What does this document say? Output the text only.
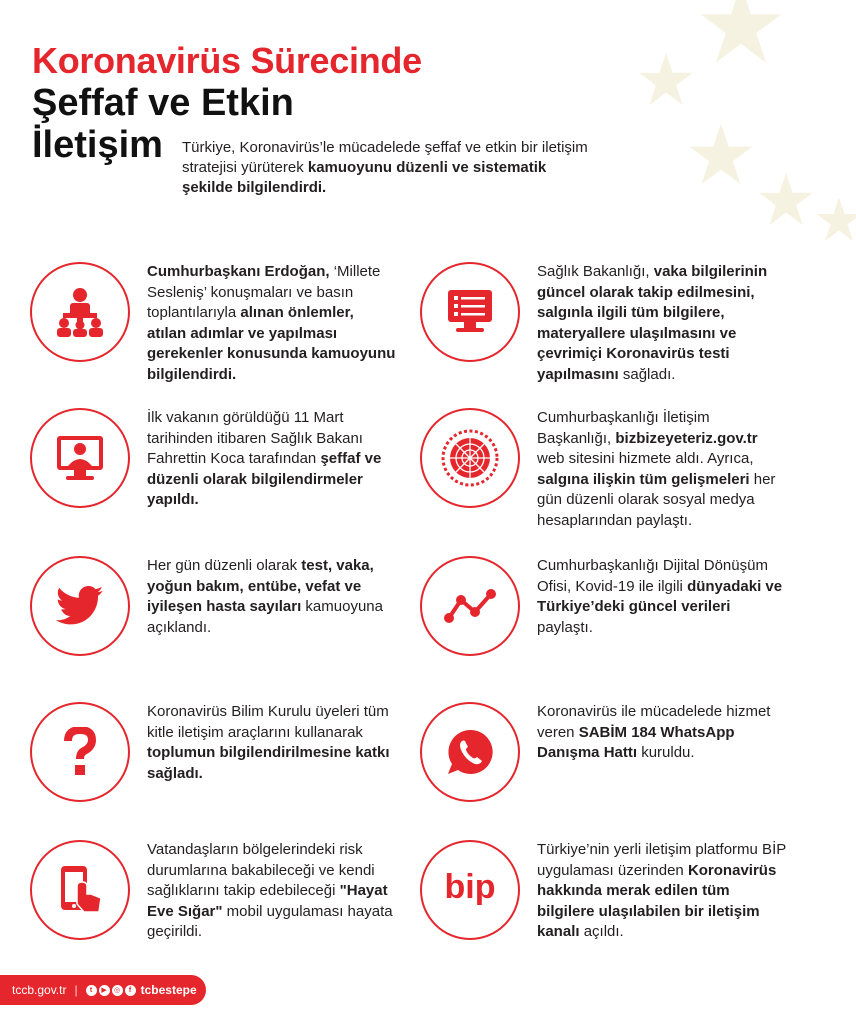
Koronavirüs Sürecinde
Şeffaf ve Etkin
İletişim	Türkiye, Koronavirüs’le mücadelede şeffaf ve etkin bir iletişim stratejisi yürüterek kamuoyunu düzenli ve sistematik şekilde bilgilendirdi.
Cumhurbaşkanı Erdoğan, ‘Millete Sesleniş’ konuşmaları ve basın toplantılarıyla alınan önlemler, atılan adımlar ve yapılması gerekenler konusunda kamuoyunu bilgilendirdi.
Sağlık Bakanlığı, vaka bilgilerinin güncel olarak takip edilmesini, salgınla ilgili tüm bilgilere, materyallere ulaşılmasını ve çevrimiçi Koronavirüs testi yapılmasını sağladı.
İlk vakanın görüldüğü 11 Mart tarihinden itibaren Sağlık Bakanı Fahrettin Koca tarafından şeffaf ve düzenli olarak bilgilendirmeler yapıldı.
Cumhurbaşkanlığı İletişim Başkanlığı, bizbizeyeteriz.gov.tr web sitesini hizmete aldı. Ayrıca, salgına ilişkin tüm gelişmeleri her gün düzenli olarak sosyal medya hesaplarından paylaştı.
Her gün düzenli olarak test, vaka, yoğun bakım, entübe, vefat ve iyileşen hasta sayıları kamuoyuna açıklandı.
Cumhurbaşkanlığı Dijital Dönüşüm Ofisi, Kovid-19 ile ilgili dünyadaki ve Türkiye’deki güncel verileri paylaştı.
Koronavirüs Bilim Kurulu üyeleri tüm kitle iletişim araçlarını kullanarak toplumun bilgilendirilmesine katkı sağladı.
Koronavirüs ile mücadelede hizmet veren SABİM 184 WhatsApp Danışma Hattı kuruldu.
Vatandaşların bölgelerindeki risk durumlarına bakabileceği ve kendi sağlıklarını takip edebileceği "Hayat Eve Sığar" mobil uygulaması hayata geçirildi.
bip
Türkiye’nin yerli iletişim platformu BİP uygulaması üzerinden Koronavirüs hakkında merak edilen tüm bilgilere ulaşılabilen bir iletişim kanalı açıldı.
tccb.gov.tr |	t	▶	◎	f tcbestepe
